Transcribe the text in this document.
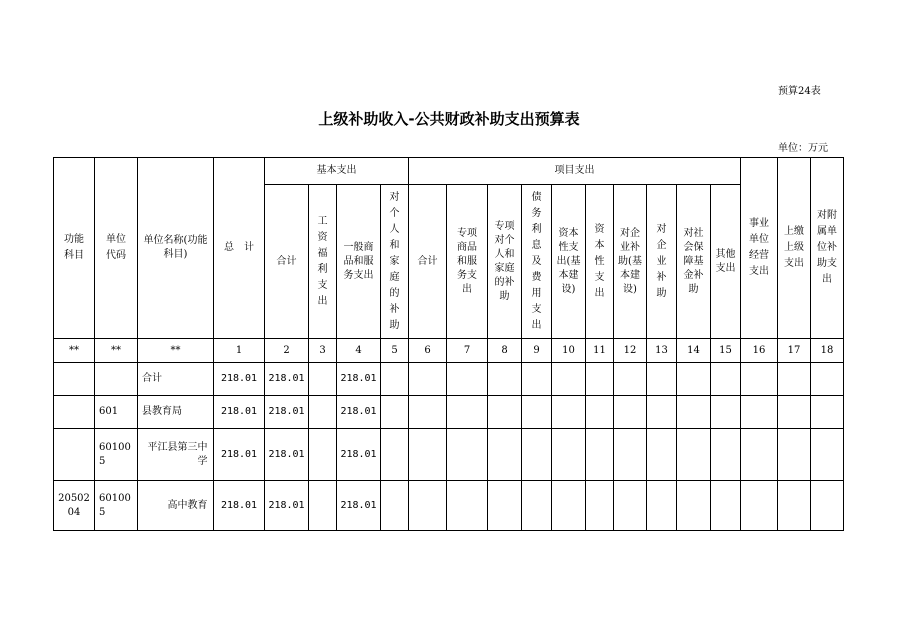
预算24表
上级补助收入-公共财政补助支出预算表
单位：万元
功能科目	单位代码	单位名称(功能科目)	总　计	基本支出				项目支出										事业单位经营支出	上缴上级支出	对附属单位补助支出

				合计	工资福利支出	一般商品和服务支出	对个人和家庭的补助	合计	专项商品和服务支出	专项对个人和家庭的补助	债务利息及费用支出	资本性支出(基本建设)	资本性支出	对企业补助(基本建设)	对企业补助	对社会保障基金补助	其他支出			

**	**	**	1	2	3	4	5	6	7	8	9	10	11	12	13	14	15	16	17	18
		合计	218.01	218.01		218.01														
	601	县教育局	218.01	218.01		218.01														

	601005	平江县第三中学	218.01	218.01		218.01														

2050204	601005	高中教育	218.01	218.01		218.01														
